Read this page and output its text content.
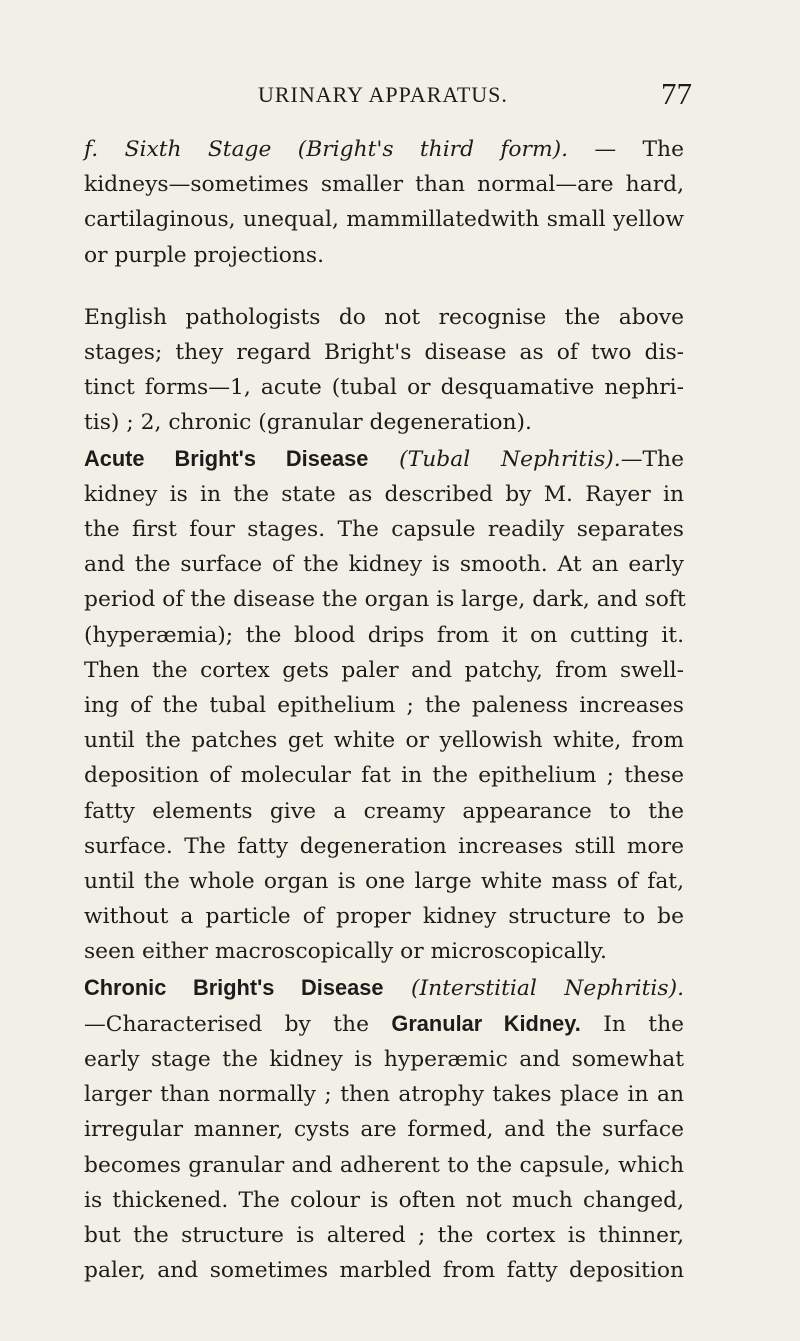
URINARY APPARATUS.	77
f. Sixth Stage (Bright's third form). — The
kidneys—sometimes smaller than normal—are hard,
cartilaginous, unequal, mammillatedwith small yellow
or purple projections.
English pathologists do not recognise the above
stages; they regard Bright's disease as of two dis-
tinct forms—1, acute (tubal or desquamative nephri-
tis) ; 2, chronic (granular degeneration).
Acute Bright's Disease (Tubal Nephritis).—The
kidney is in the state as described by M. Rayer in
the first four stages. The capsule readily separates
and the surface of the kidney is smooth. At an early
period of the disease the organ is large, dark, and soft
(hyperæmia); the blood drips from it on cutting it.
Then the cortex gets paler and patchy, from swell-
ing of the tubal epithelium ; the paleness increases
until the patches get white or yellowish white, from
deposition of molecular fat in the epithelium ; these
fatty elements give a creamy appearance to the
surface. The fatty degeneration increases still more
until the whole organ is one large white mass of fat,
without a particle of proper kidney structure to be
seen either macroscopically or microscopically.
Chronic Bright's Disease (Interstitial Nephritis).
—Characterised by the Granular Kidney. In the
early stage the kidney is hyperæmic and somewhat
larger than normally ; then atrophy takes place in an
irregular manner, cysts are formed, and the surface
becomes granular and adherent to the capsule, which
is thickened. The colour is often not much changed,
but the structure is altered ; the cortex is thinner,
paler, and sometimes marbled from fatty deposition
